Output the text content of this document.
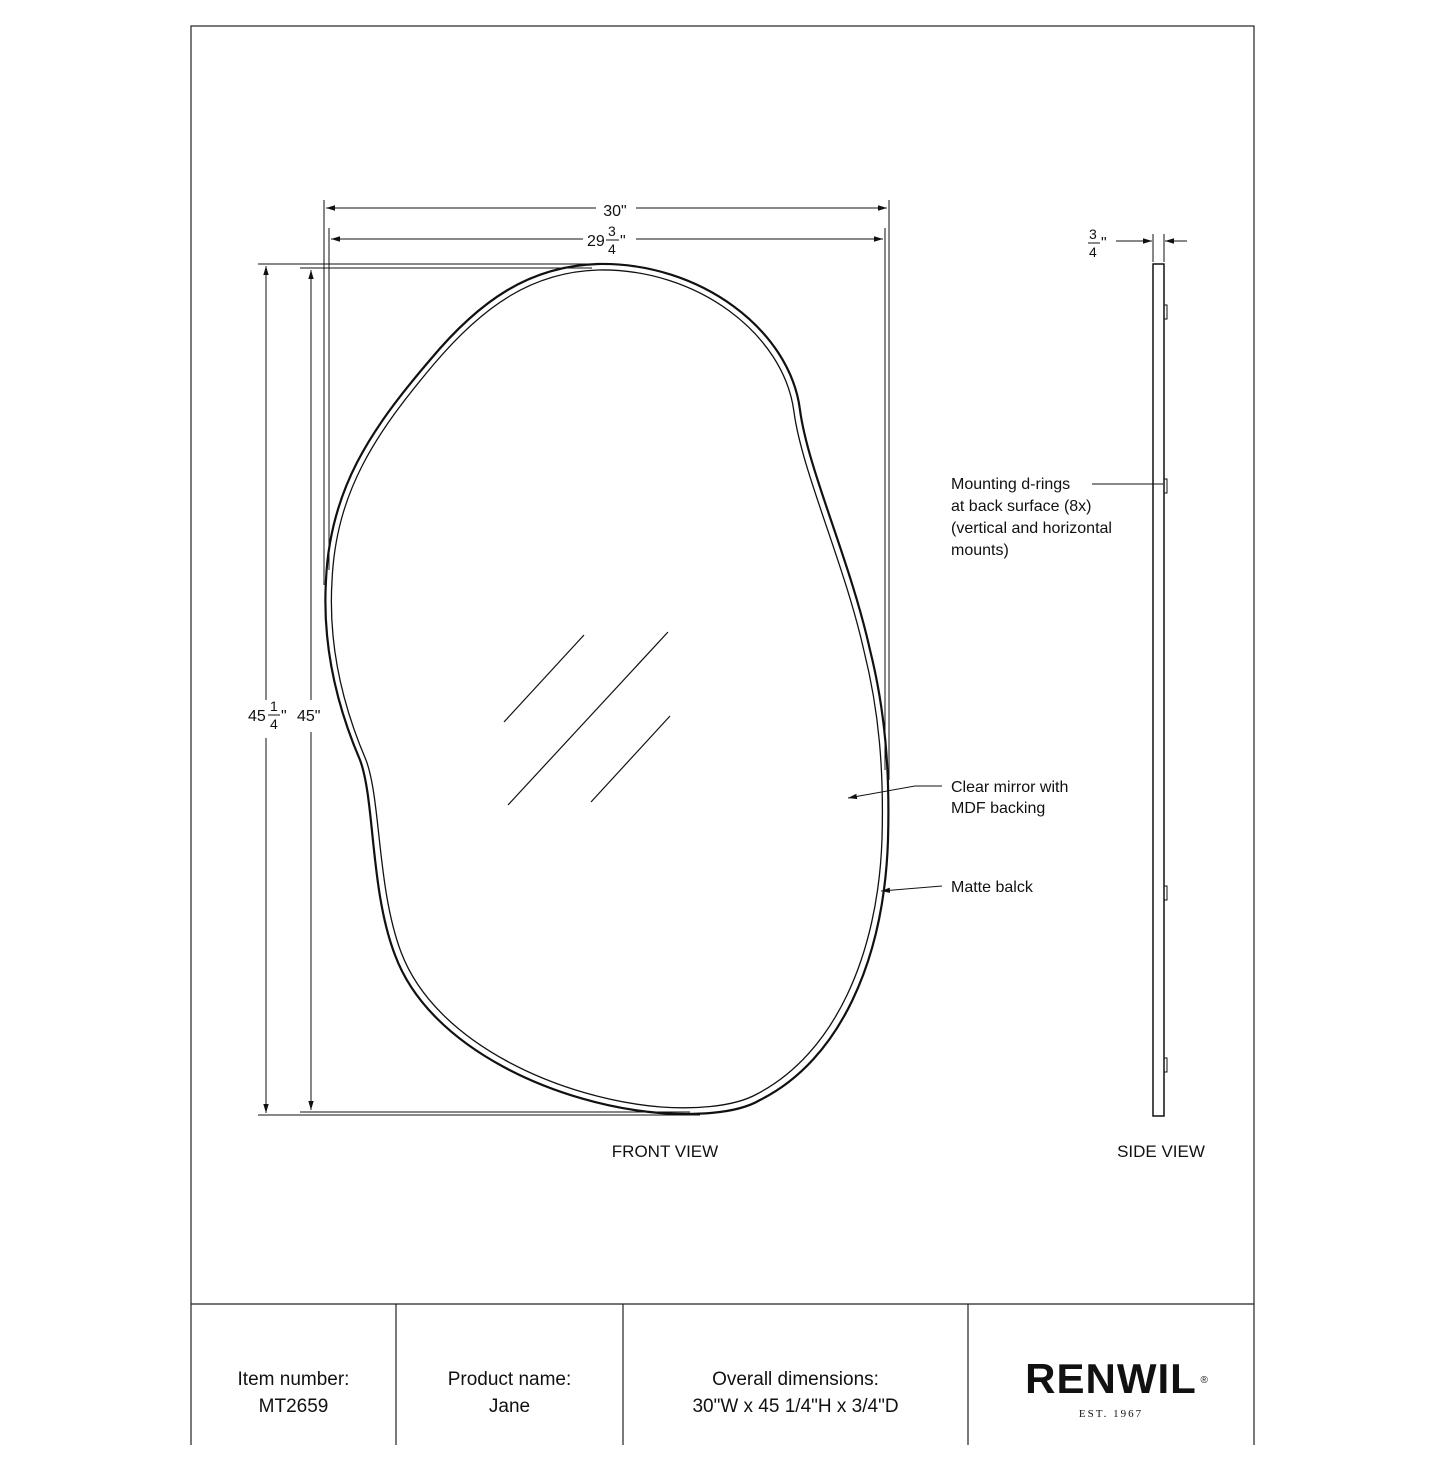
30"
29
3
4 "
45
1
4 " 45"
Clear mirror with
MDF backing
Matte balck
FRONT VIEW
3
4 "
Mounting d-rings
at back surface (8x)
(vertical and horizontal
mounts)
SIDE VIEW
Item number:
MT2659
Product name:
Jane
Overall dimensions:
30"W x 45 1/4"H x 3/4"D
RENWIL ®
EST. 1967
